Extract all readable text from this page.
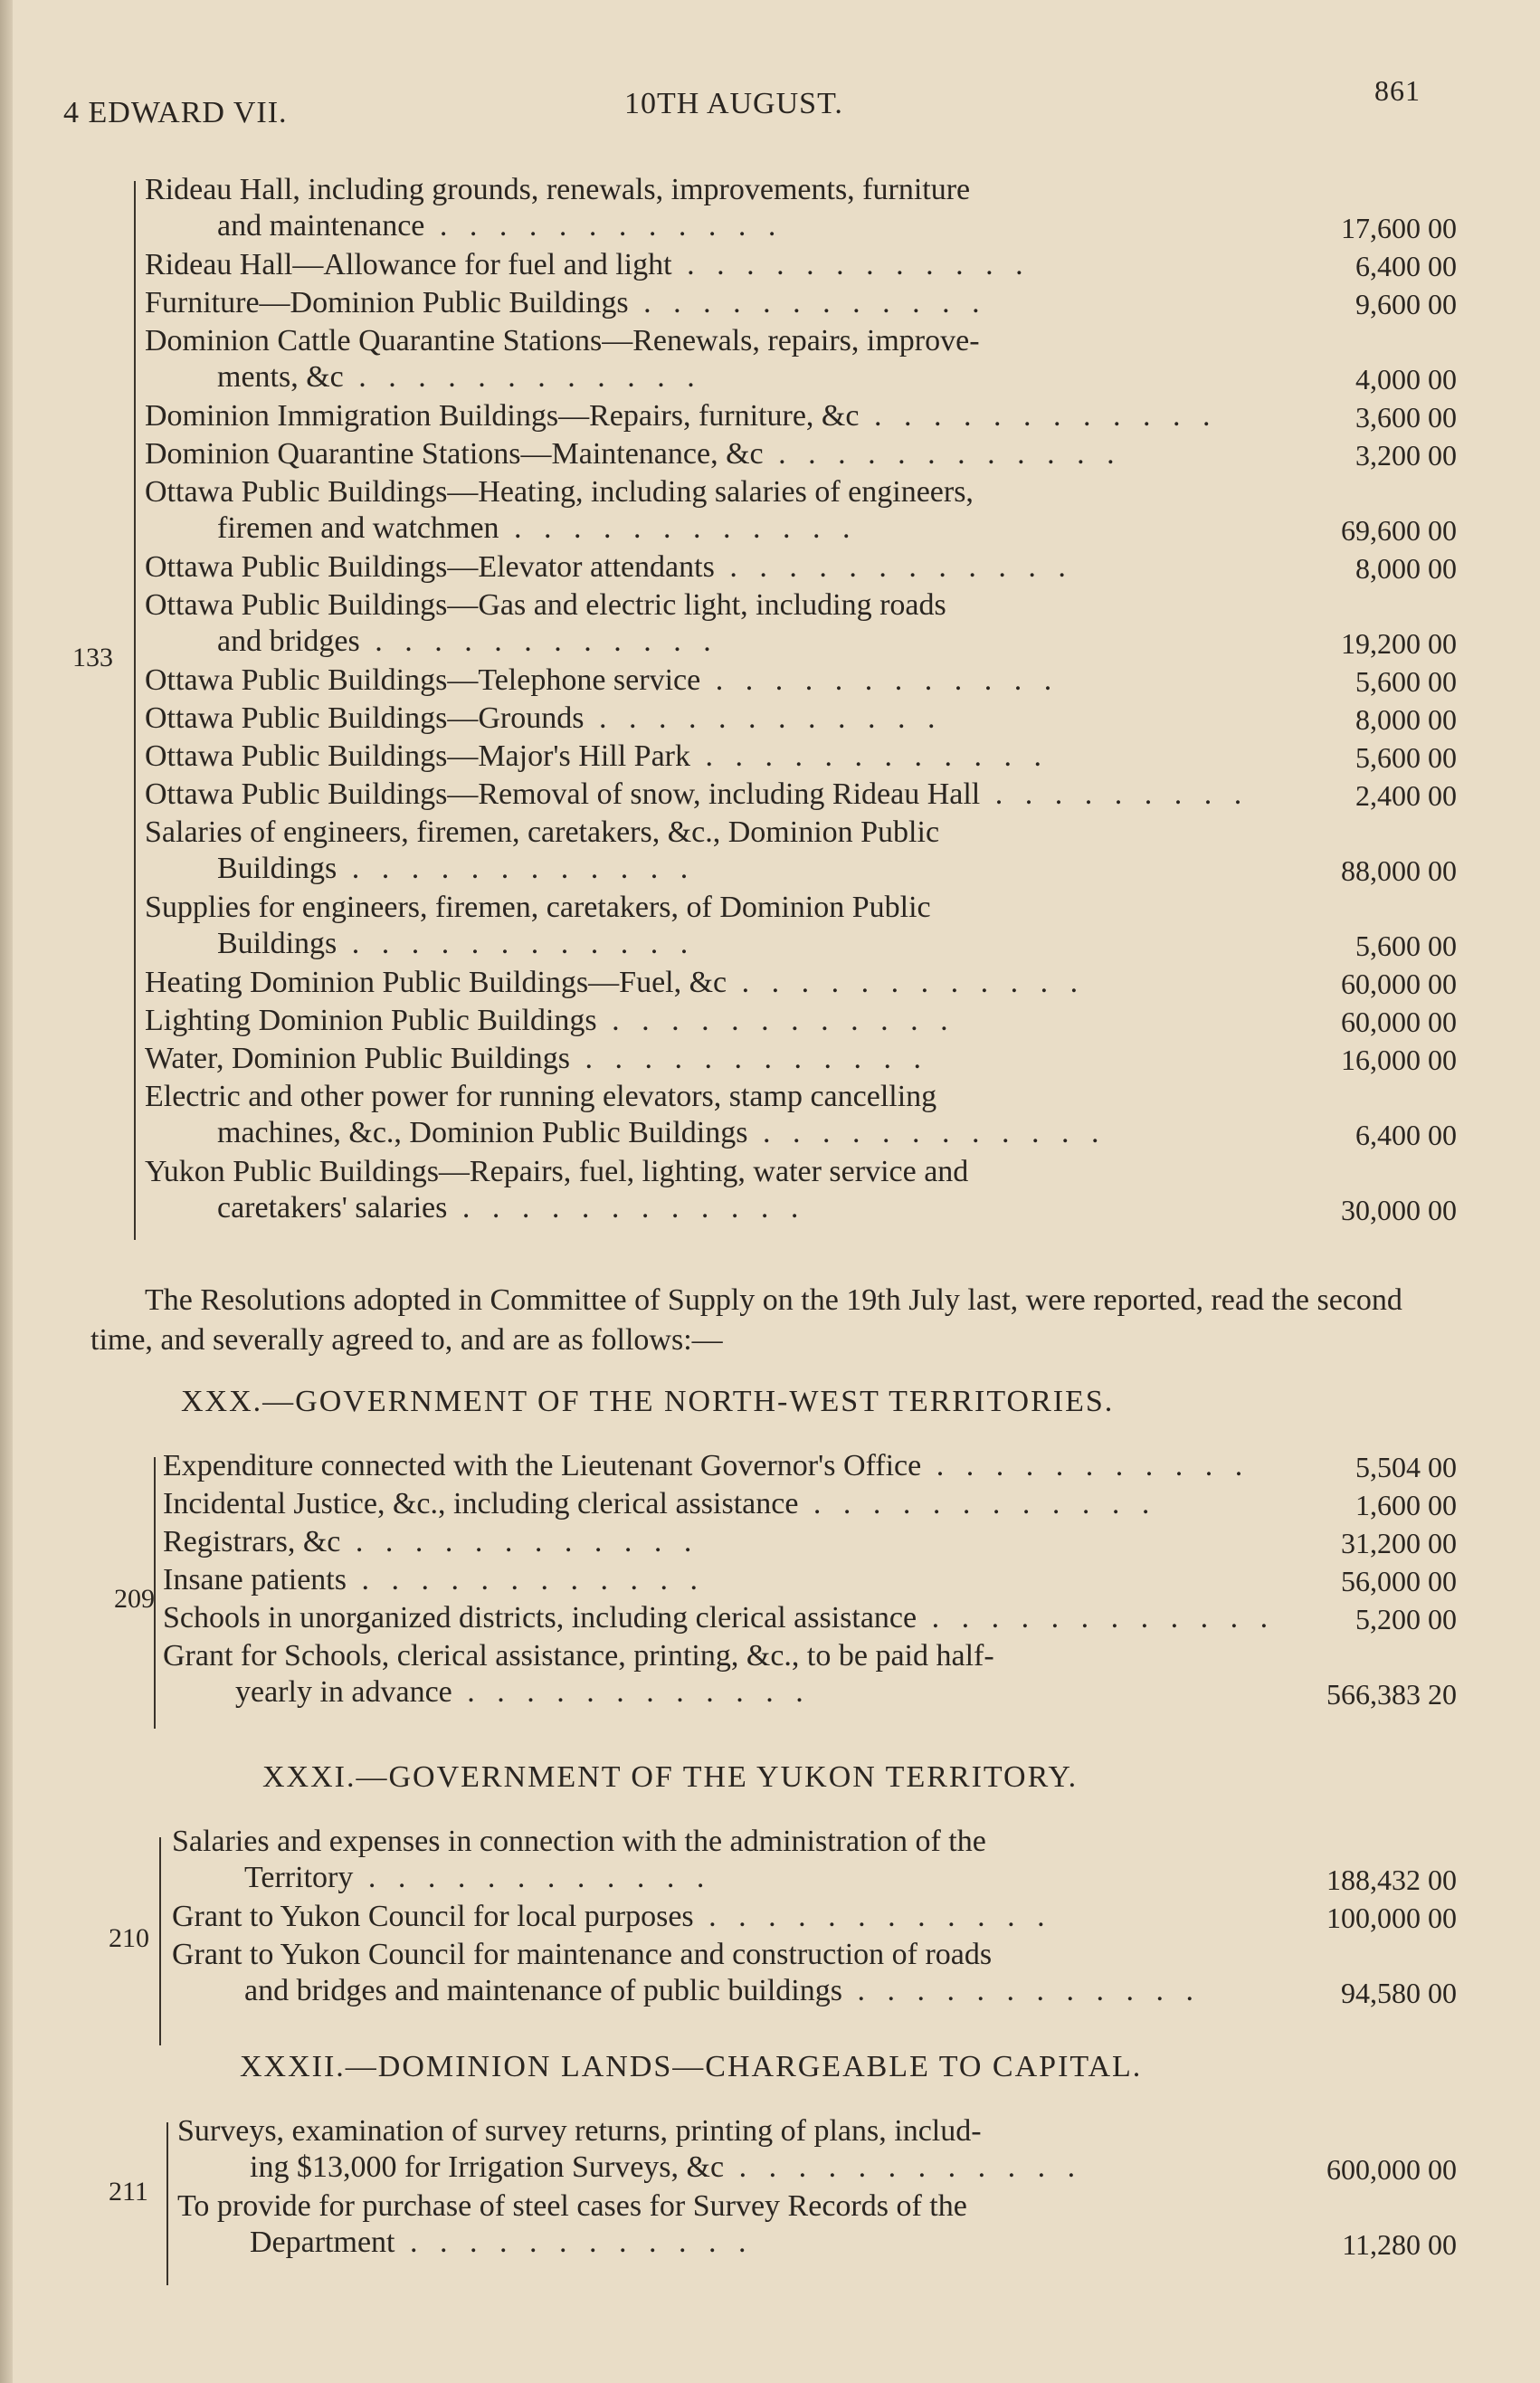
4 EDWARD VII.	10TH AUGUST.	861
133
Rideau Hall, including grounds, renewals, improvements, furniture
and maintenance . . . . . . . . . . . .	17,600 00
Rideau Hall—Allowance for fuel and light . . . . . . . . . . . .	6,400 00
Furniture—Dominion Public Buildings . . . . . . . . . . . .	9,600 00
Dominion Cattle Quarantine Stations—Renewals, repairs, improve-
ments, &c . . . . . . . . . . . .	4,000 00
Dominion Immigration Buildings—Repairs, furniture, &c . . . . . . . . . . . .	3,600 00
Dominion Quarantine Stations—Maintenance, &c . . . . . . . . . . . .	3,200 00
Ottawa Public Buildings—Heating, including salaries of engineers,
firemen and watchmen . . . . . . . . . . . .	69,600 00
Ottawa Public Buildings—Elevator attendants . . . . . . . . . . . .	8,000 00
Ottawa Public Buildings—Gas and electric light, including roads
and bridges . . . . . . . . . . . .	19,200 00
Ottawa Public Buildings—Telephone service . . . . . . . . . . . .	5,600 00
Ottawa Public Buildings—Grounds . . . . . . . . . . . .	8,000 00
Ottawa Public Buildings—Major's Hill Park . . . . . . . . . . . .	5,600 00
Ottawa Public Buildings—Removal of snow, including Rideau Hall . . . . . . . . .	2,400 00
Salaries of engineers, firemen, caretakers, &c., Dominion Public
Buildings . . . . . . . . . . . .	88,000 00
Supplies for engineers, firemen, caretakers, of Dominion Public
Buildings . . . . . . . . . . . .	5,600 00
Heating Dominion Public Buildings—Fuel, &c . . . . . . . . . . . .	60,000 00
Lighting Dominion Public Buildings . . . . . . . . . . . .	60,000 00
Water, Dominion Public Buildings . . . . . . . . . . . .	16,000 00
Electric and other power for running elevators, stamp cancelling
machines, &c., Dominion Public Buildings . . . . . . . . . . . .	6,400 00
Yukon Public Buildings—Repairs, fuel, lighting, water service and
caretakers' salaries . . . . . . . . . . . .	30,000 00
The Resolutions adopted in Committee of Supply on the 19th July last, were reported, read the second time, and severally agreed to, and are as follows:—
XXX.—GOVERNMENT OF THE NORTH-WEST TERRITORIES.
209
Expenditure connected with the Lieutenant Governor's Office . . . . . . . . . . .	5,504 00
Incidental Justice, &c., including clerical assistance . . . . . . . . . . . .	1,600 00
Registrars, &c . . . . . . . . . . . .	31,200 00
Insane patients . . . . . . . . . . . .	56,000 00
Schools in unorganized districts, including clerical assistance . . . . . . . . . . . .	5,200 00
Grant for Schools, clerical assistance, printing, &c., to be paid half-
yearly in advance . . . . . . . . . . . .	566,383 20
XXXI.—GOVERNMENT OF THE YUKON TERRITORY.
210
Salaries and expenses in connection with the administration of the
Territory . . . . . . . . . . . .	188,432 00
Grant to Yukon Council for local purposes . . . . . . . . . . . .	100,000 00
Grant to Yukon Council for maintenance and construction of roads
and bridges and maintenance of public buildings . . . . . . . . . . . .	94,580 00
XXXII.—DOMINION LANDS—CHARGEABLE TO CAPITAL.
211
Surveys, examination of survey returns, printing of plans, includ-
ing $13,000 for Irrigation Surveys, &c . . . . . . . . . . . .	600,000 00
To provide for purchase of steel cases for Survey Records of the
Department . . . . . . . . . . . .	11,280 00
